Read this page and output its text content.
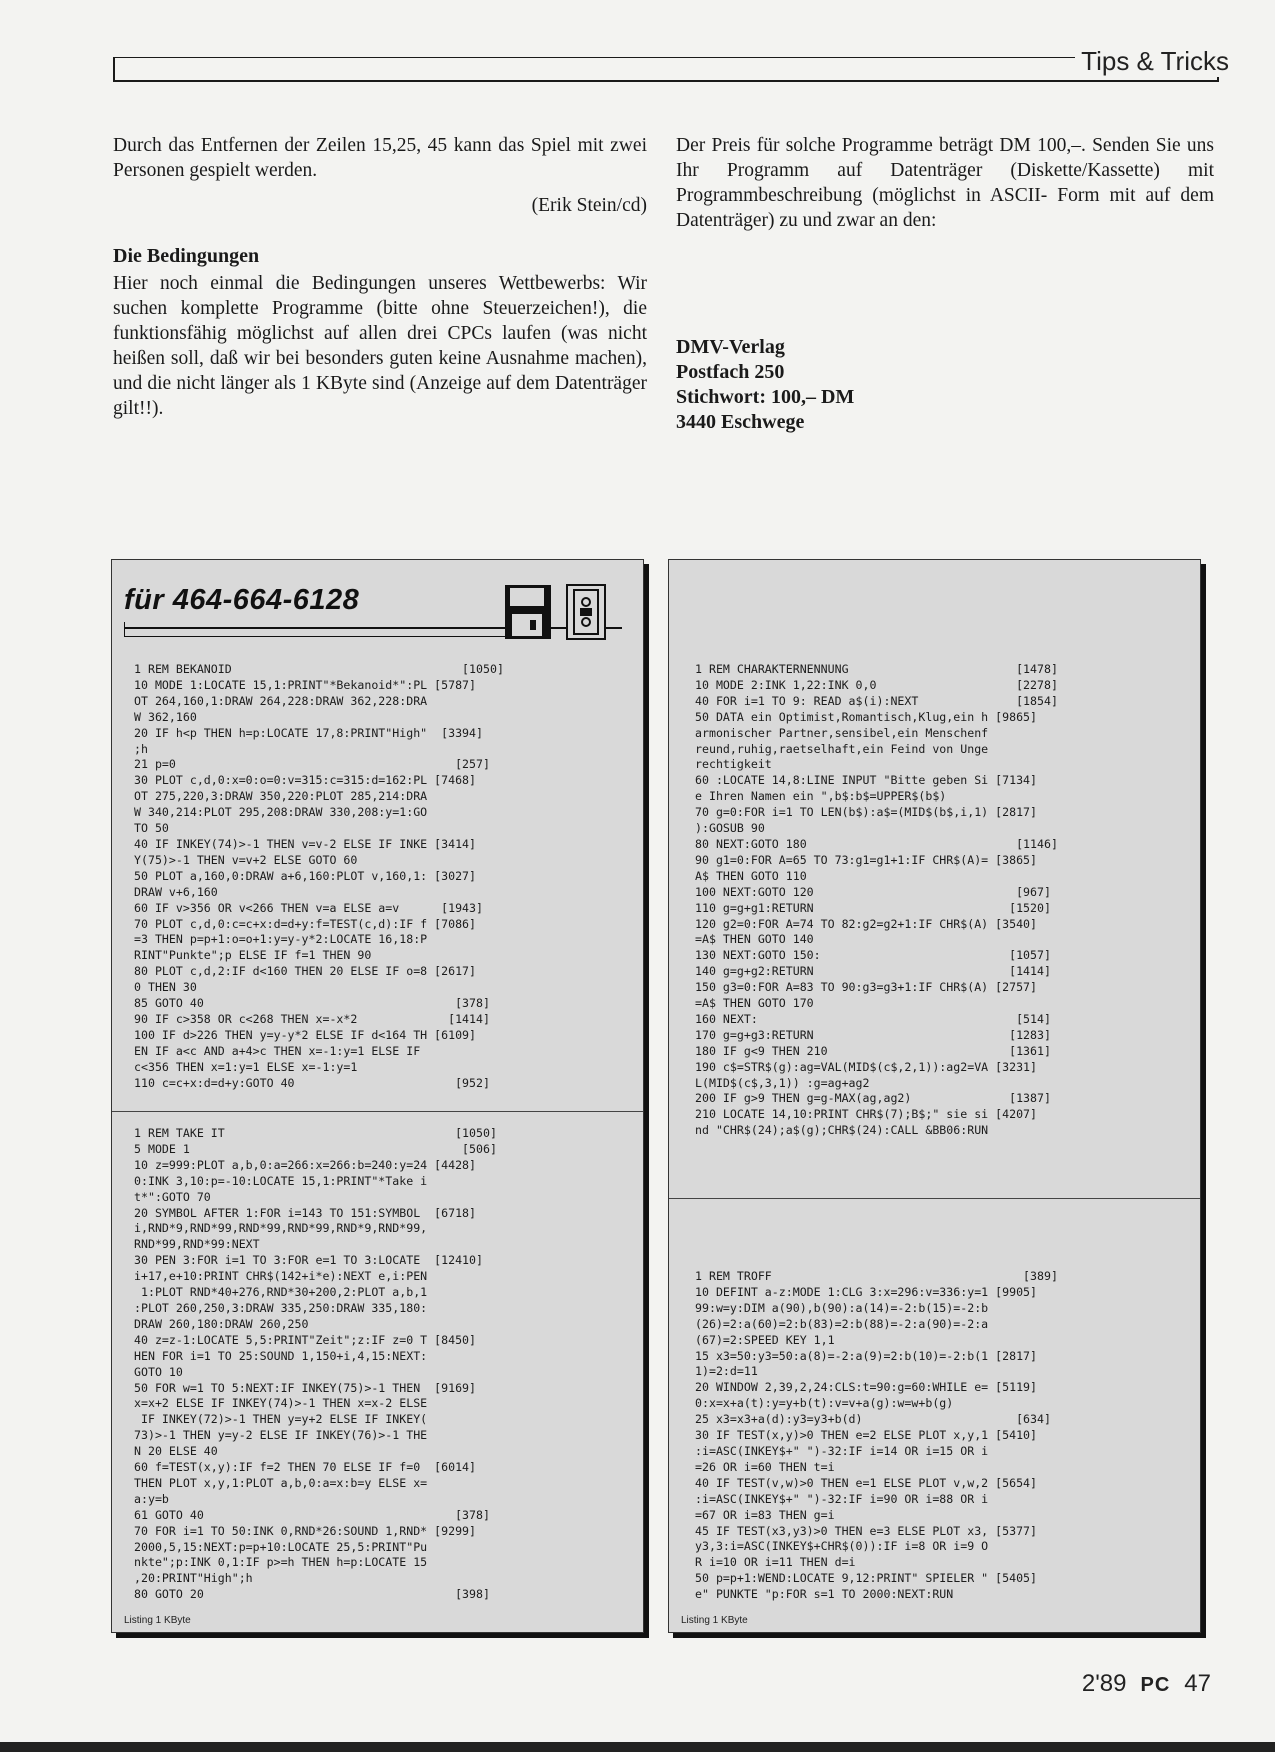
Tips & Tricks

Durch das Entfernen der Zeilen 15,25, 45 kann das Spiel mit zwei Personen gespielt werden.

(Erik Stein/cd)

Die Bedingungen

Hier noch einmal die Bedingungen unseres Wettbewerbs: Wir suchen komplette Programme (bitte ohne Steuerzeichen!), die funktionsfähig möglichst auf allen drei CPCs laufen (was nicht heißen soll, daß wir bei besonders guten keine Ausnahme machen), und die nicht länger als 1 KByte sind (Anzeige auf dem Datenträger gilt!!).

Der Preis für solche Programme beträgt DM 100,–. Senden Sie uns Ihr Programm auf Datenträger (Diskette/Kassette) mit Programmbeschreibung (möglichst in ASCII- Form mit auf dem Datenträger) zu und zwar an den:

DMV-Verlag
Postfach 250
Stichwort: 100,– DM
3440 Eschwege
für 464-664-6128
1 REM BEKANOID                                 [1050]
10 MODE 1:LOCATE 15,1:PRINT"*Bekanoid*":PL [5787]
OT 264,160,1:DRAW 264,228:DRAW 362,228:DRA
W 362,160
20 IF h<p THEN h=p:LOCATE 17,8:PRINT"High"  [3394]
;h
21 p=0                                        [257]
30 PLOT c,d,0:x=0:o=0:v=315:c=315:d=162:PL [7468]
OT 275,220,3:DRAW 350,220:PLOT 285,214:DRA
W 340,214:PLOT 295,208:DRAW 330,208:y=1:GO
TO 50
40 IF INKEY(74)>-1 THEN v=v-2 ELSE IF INKE [3414]
Y(75)>-1 THEN v=v+2 ELSE GOTO 60
50 PLOT a,160,0:DRAW a+6,160:PLOT v,160,1: [3027]
DRAW v+6,160
60 IF v>356 OR v<266 THEN v=a ELSE a=v      [1943]
70 PLOT c,d,0:c=c+x:d=d+y:f=TEST(c,d):IF f [7086]
=3 THEN p=p+1:o=o+1:y=y-y*2:LOCATE 16,18:P
RINT"Punkte";p ELSE IF f=1 THEN 90
80 PLOT c,d,2:IF d<160 THEN 20 ELSE IF o=8 [2617]
0 THEN 30
85 GOTO 40                                    [378]
90 IF c>358 OR c<268 THEN x=-x*2             [1414]
100 IF d>226 THEN y=y-y*2 ELSE IF d<164 TH [6109]
EN IF a<c AND a+4>c THEN x=-1:y=1 ELSE IF
c<356 THEN x=1:y=1 ELSE x=-1:y=1
110 c=c+x:d=d+y:GOTO 40                       [952]
1 REM TAKE IT                                 [1050]
5 MODE 1                                       [506]
10 z=999:PLOT a,b,0:a=266:x=266:b=240:y=24 [4428]
0:INK 3,10:p=-10:LOCATE 15,1:PRINT"*Take i
t*":GOTO 70
20 SYMBOL AFTER 1:FOR i=143 TO 151:SYMBOL  [6718]
i,RND*9,RND*99,RND*99,RND*99,RND*9,RND*99,
RND*99,RND*99:NEXT
30 PEN 3:FOR i=1 TO 3:FOR e=1 TO 3:LOCATE  [12410]
i+17,e+10:PRINT CHR$(142+i*e):NEXT e,i:PEN
1:PLOT RND*40+276,RND*30+200,2:PLOT a,b,1
:PLOT 260,250,3:DRAW 335,250:DRAW 335,180:
DRAW 260,180:DRAW 260,250
40 z=z-1:LOCATE 5,5:PRINT"Zeit";z:IF z=0 T [8450]
HEN FOR i=1 TO 25:SOUND 1,150+i,4,15:NEXT:
GOTO 10
50 FOR w=1 TO 5:NEXT:IF INKEY(75)>-1 THEN  [9169]
x=x+2 ELSE IF INKEY(74)>-1 THEN x=x-2 ELSE
IF INKEY(72)>-1 THEN y=y+2 ELSE IF INKEY(
73)>-1 THEN y=y-2 ELSE IF INKEY(76)>-1 THE
N 20 ELSE 40
60 f=TEST(x,y):IF f=2 THEN 70 ELSE IF f=0  [6014]
THEN PLOT x,y,1:PLOT a,b,0:a=x:b=y ELSE x=
a:y=b
61 GOTO 40                                    [378]
70 FOR i=1 TO 50:INK 0,RND*26:SOUND 1,RND* [9299]
2000,5,15:NEXT:p=p+10:LOCATE 25,5:PRINT"Pu
nkte";p:INK 0,1:IF p>=h THEN h=p:LOCATE 15
,20:PRINT"High";h
80 GOTO 20                                    [398]
Listing 1 KByte
1 REM CHARAKTERNENNUNG                        [1478]
10 MODE 2:INK 1,22:INK 0,0                    [2278]
40 FOR i=1 TO 9: READ a$(i):NEXT              [1854]
50 DATA ein Optimist,Romantisch,Klug,ein h [9865]
armonischer Partner,sensibel,ein Menschenf
reund,ruhig,raetselhaft,ein Feind von Unge
rechtigkeit
60 :LOCATE 14,8:LINE INPUT "Bitte geben Si [7134]
e Ihren Namen ein ",b$:b$=UPPER$(b$)
70 g=0:FOR i=1 TO LEN(b$):a$=(MID$(b$,i,1) [2817]
):GOSUB 90
80 NEXT:GOTO 180                              [1146]
90 g1=0:FOR A=65 TO 73:g1=g1+1:IF CHR$(A)= [3865]
A$ THEN GOTO 110
100 NEXT:GOTO 120                             [967]
110 g=g+g1:RETURN                            [1520]
120 g2=0:FOR A=74 TO 82:g2=g2+1:IF CHR$(A) [3540]
=A$ THEN GOTO 140
130 NEXT:GOTO 150:                           [1057]
140 g=g+g2:RETURN                            [1414]
150 g3=0:FOR A=83 TO 90:g3=g3+1:IF CHR$(A) [2757]
=A$ THEN GOTO 170
160 NEXT:                                     [514]
170 g=g+g3:RETURN                            [1283]
180 IF g<9 THEN 210                          [1361]
190 c$=STR$(g):ag=VAL(MID$(c$,2,1)):ag2=VA [3231]
L(MID$(c$,3,1)) :g=ag+ag2
200 IF g>9 THEN g=g-MAX(ag,ag2)              [1387]
210 LOCATE 14,10:PRINT CHR$(7);B$;" sie si [4207]
nd "CHR$(24);a$(g);CHR$(24):CALL &BB06:RUN
1 REM TROFF                                    [389]
10 DEFINT a-z:MODE 1:CLG 3:x=296:v=336:y=1 [9905]
99:w=y:DIM a(90),b(90):a(14)=-2:b(15)=-2:b
(26)=2:a(60)=2:b(83)=2:b(88)=-2:a(90)=-2:a
(67)=2:SPEED KEY 1,1
15 x3=50:y3=50:a(8)=-2:a(9)=2:b(10)=-2:b(1 [2817]
1)=2:d=11
20 WINDOW 2,39,2,24:CLS:t=90:g=60:WHILE e= [5119]
0:x=x+a(t):y=y+b(t):v=v+a(g):w=w+b(g)
25 x3=x3+a(d):y3=y3+b(d)                      [634]
30 IF TEST(x,y)>0 THEN e=2 ELSE PLOT x,y,1 [5410]
:i=ASC(INKEY$+" ")-32:IF i=14 OR i=15 OR i
=26 OR i=60 THEN t=i
40 IF TEST(v,w)>0 THEN e=1 ELSE PLOT v,w,2 [5654]
:i=ASC(INKEY$+" ")-32:IF i=90 OR i=88 OR i
=67 OR i=83 THEN g=i
45 IF TEST(x3,y3)>0 THEN e=3 ELSE PLOT x3, [5377]
y3,3:i=ASC(INKEY$+CHR$(0)):IF i=8 OR i=9 O
R i=10 OR i=11 THEN d=i
50 p=p+1:WEND:LOCATE 9,12:PRINT" SPIELER " [5405]
e" PUNKTE "p:FOR s=1 TO 2000:NEXT:RUN
Listing 1 KByte
2'89 PC 47
